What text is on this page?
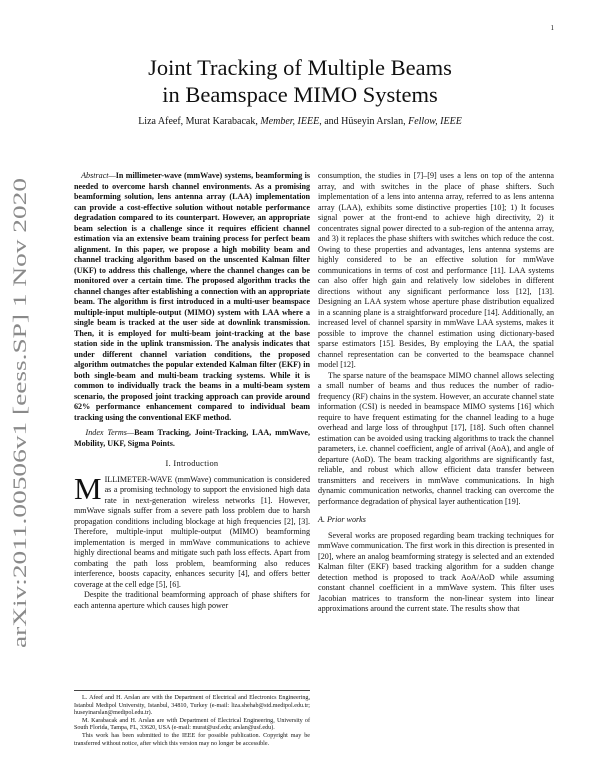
1
arXiv:2011.00506v1 [eess.SP] 1 Nov 2020
Joint Tracking of Multiple Beams
in Beamspace MIMO Systems
Liza Afeef, Murat Karabacak, Member, IEEE, and Hüseyin Arslan, Fellow, IEEE

Abstract—In millimeter-wave (mmWave) systems, beamforming is needed to overcome harsh channel environments. As a promising beamforming solution, lens antenna array (LAA) implementation can provide a cost-effective solution without notable performance degradation compared to its counterpart. However, an appropriate beam selection is a challenge since it requires efficient channel estimation via an extensive beam training process for perfect beam alignment. In this paper, we propose a high mobility beam and channel tracking algorithm based on the unscented Kalman filter (UKF) to address this challenge, where the channel changes can be monitored over a certain time. The proposed algorithm tracks the channel changes after establishing a connection with an appropriate beam. The algorithm is first introduced in a multi-user beamspace multiple-input multiple-output (MIMO) system with LAA where a single beam is tracked at the user side at downlink transmission. Then, it is employed for multi-beam joint-tracking at the base station side in the uplink transmission. The analysis indicates that under different channel variation conditions, the proposed algorithm outmatches the popular extended Kalman filter (EKF) in both single-beam and multi-beam tracking systems. While it is common to individually track the beams in a multi-beam system scenario, the proposed joint tracking approach can provide around 62% performance enhancement compared to individual beam tracking using the conventional EKF method.

Index Terms—Beam Tracking, Joint-Tracking, LAA, mmWave, Mobility, UKF, Sigma Points.

I. Introduction

MILLIMETER-WAVE (mmWave) communication is considered as a promising technology to support the envisioned high data rate in next-generation wireless networks [1]. However, mmWave signals suffer from a severe path loss problem due to harsh propagation conditions including blockage at high frequencies [2], [3]. Therefore, multiple-input multiple-output (MIMO) beamforming implementation is merged in mmWave communications to achieve highly directional beams and mitigate such path loss effects. Apart from combating the path loss problem, beamforming also reduces interference, boosts capacity, enhances security [4], and offers better coverage at the cell edge [5], [6].

Despite the traditional beamforming approach of phase shifters for each antenna aperture which causes high power

L. Afeef and H. Arslan are with the Department of Electrical and Electronics Engineering, Istanbul Medipol University, Istanbul, 34810, Turkey (e-mail: liza.shehab@std.medipol.edu.tr; huseyinarslan@medipol.edu.tr).

M. Karabacak and H. Arslan are with Department of Electrical Engineering, University of South Florida, Tampa, FL, 33620, USA (e-mail: murat@usf.edu; arslan@usf.edu).

This work has been submitted to the IEEE for possible publication. Copyright may be transferred without notice, after which this version may no longer be accessible.

consumption, the studies in [7]–[9] uses a lens on top of the antenna array, and with switches in the place of phase shifters. Such implementation of a lens into antenna array, referred to as lens antenna array (LAA), exhibits some distinctive properties [10]; 1) It focuses signal power at the front-end to achieve high directivity, 2) it concentrates signal power directed to a sub-region of the antenna array, and 3) it replaces the phase shifters with switches which reduce the cost. Owing to these properties and advantages, lens antenna systems are highly considered to be an effective solution for mmWave communications in terms of cost and performance [11]. LAA systems can also offer high gain and relatively low sidelobes in different directions without any significant performance loss [12], [13]. Designing an LAA system whose aperture phase distribution equalized in a scanning plane is a straightforward procedure [14]. Additionally, an increased level of channel sparsity in mmWave LAA systems, makes it possible to improve the channel estimation using dictionary-based sparse estimators [15]. Besides, By employing the LAA, the spatial channel representation can be converted to the beamspace channel model [12].

The sparse nature of the beamspace MIMO channel allows selecting a small number of beams and thus reduces the number of radio-frequency (RF) chains in the system. However, an accurate channel state information (CSI) is needed in beamspace MIMO systems [16] which require to have frequent estimating for the channel leading to a huge overhead and large loss of throughput [17], [18]. Such often channel estimation can be avoided using tracking algorithms to track the channel parameters, i.e. channel coefficient, angle of arrival (AoA), and angle of departure (AoD). The beam tracking algorithms are significantly fast, reliable, and robust which allow efficient data transfer between transmitters and receivers in mmWave communications. In high dynamic communication networks, channel tracking can overcome the performance degradation of physical layer authentication [19].

A. Prior works

Several works are proposed regarding beam tracking techniques for mmWave communication. The first work in this direction is presented in [20], where an analog beamforming strategy is selected and an extended Kalman filter (EKF) based tracking algorithm for a sudden change detection method is proposed to track AoA/AoD while assuming constant channel coefficient in a mmWave system. This filter uses Jacobian matrices to transform the non-linear system into linear approximations around the current state. The results show that
